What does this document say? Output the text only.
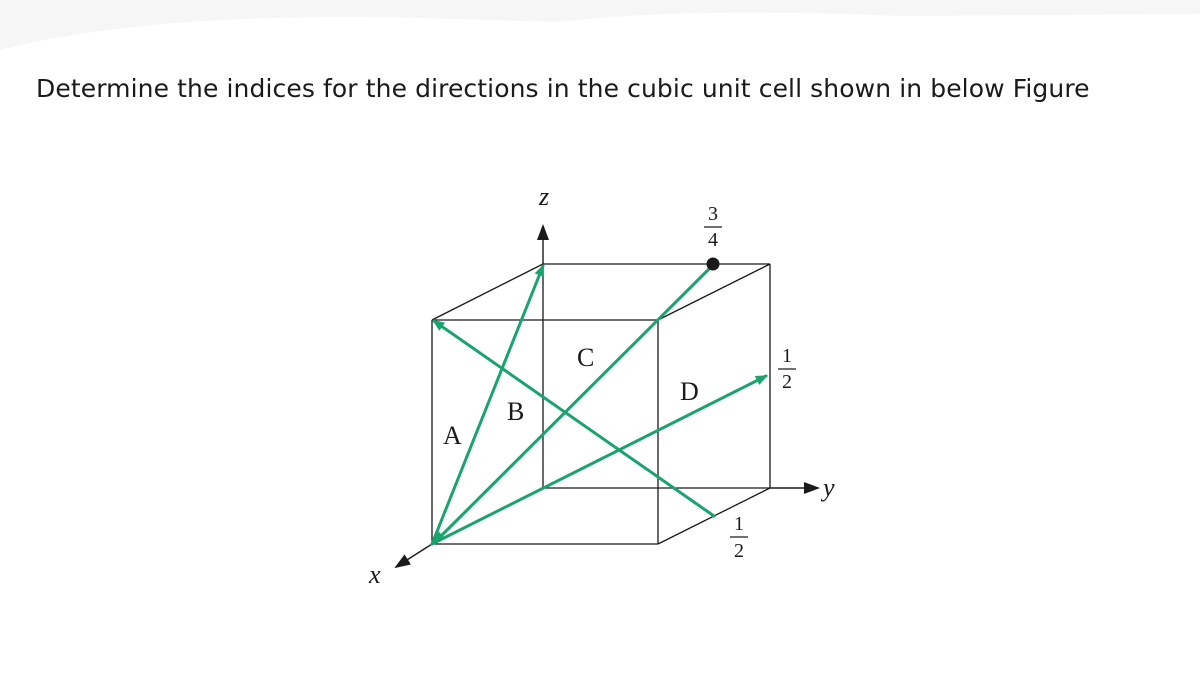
Determine the indices for the directions in the cubic unit cell shown in below Figure
z
y
x
A
B
C
D
3
4
1
2
1
2
